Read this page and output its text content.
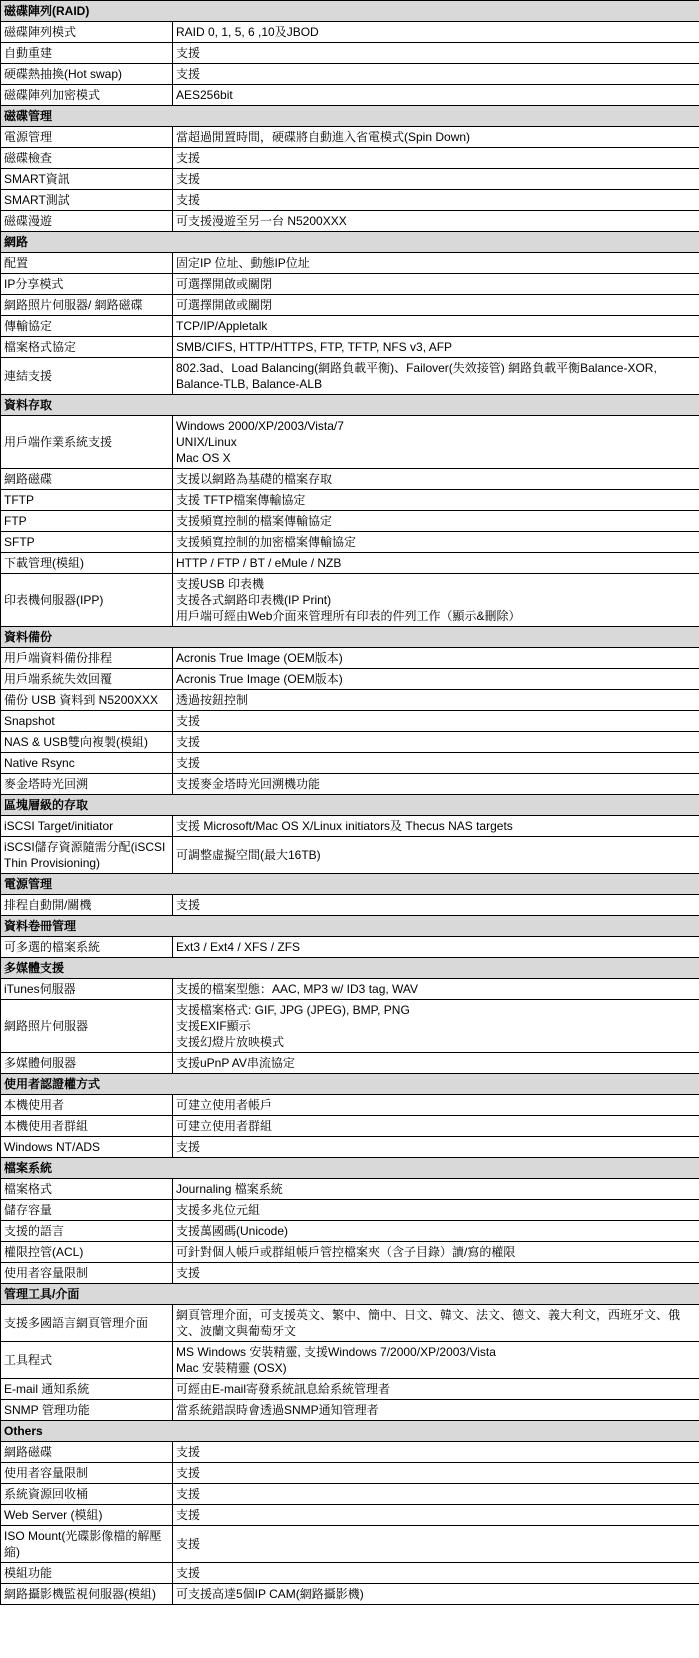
磁碟陣列(RAID)	
磁碟陣列模式	RAID 0, 1, 5, 6 ,10及JBOD

自動重建	支援

硬碟熱抽換(Hot swap)	支援

磁碟陣列加密模式	AES256bit

磁碟管理	
電源管理	當超過閒置時間，硬碟將自動進入省電模式(Spin Down)

磁碟檢查	支援

SMART資訊	支援

SMART測試	支援

磁碟漫遊	可支援漫遊至另一台 N5200XXX

網路	
配置	固定IP 位址、動態IP位址

IP分享模式	可選擇開啟或關閉

網路照片伺服器/ 網路磁碟	可選擇開啟或關閉

傳輸協定	TCP/IP/Appletalk

檔案格式協定	SMB/CIFS, HTTP/HTTPS, FTP, TFTP, NFS v3, AFP

連結支援	802.3ad、Load Balancing(網路負載平衡)、Failover(失效接管) 網路負載平衡Balance-XOR, Balance-TLB, Balance-ALB

資料存取	
用戶端作業系統支援	Windows 2000/XP/2003/Vista/7
UNIX/Linux
Mac OS X

網路磁碟	支援以網路為基礎的檔案存取

TFTP	支援 TFTP檔案傳輸協定

FTP	支援頻寬控制的檔案傳輸協定

SFTP	支援頻寬控制的加密檔案傳輸協定

下載管理(模組)	HTTP / FTP / BT / eMule / NZB

印表機伺服器(IPP)	支援USB 印表機
支援各式網路印表機(IP Print)
用戶端可經由Web介面來管理所有印表的件列工作（顯示&刪除）

資料備份	
用戶端資料備份排程	Acronis True Image (OEM版本)

用戶端系統失效回覆	Acronis True Image (OEM版本)

備份 USB 資料到 N5200XXX	透過按鈕控制

Snapshot	支援

NAS & USB雙向複製(模組)	支援

Native Rsync	支援

麥金塔時光回溯	支援麥金塔時光回溯機功能

區塊層級的存取	
iSCSI Target/initiator	支援 Microsoft/Mac OS X/Linux initiators及 Thecus NAS targets

iSCSI儲存資源隨需分配(iSCSI Thin Provisioning)	可調整虛擬空間(最大16TB)

電源管理	
排程自動開/關機	支援

資料卷冊管理	
可多選的檔案系統	Ext3 / Ext4 / XFS / ZFS

多媒體支援	
iTunes伺服器	支援的檔案型態：AAC, MP3 w/ ID3 tag, WAV

網路照片伺服器	支援檔案格式: GIF, JPG (JPEG), BMP, PNG
支援EXIF顯示
支援幻燈片放映模式

多媒體伺服器	支援uPnP AV串流協定

使用者認證權方式	
本機使用者	可建立使用者帳戶

本機使用者群組	可建立使用者群組

Windows NT/ADS	支援

檔案系統	
檔案格式	Journaling 檔案系統

儲存容量	支援多兆位元組

支援的語言	支援萬國碼(Unicode)

權限控管(ACL)	可針對個人帳戶或群組帳戶管控檔案夾（含子目錄）讀/寫的權限

使用者容量限制	支援

管理工具/介面	
支援多國語言網頁管理介面	網頁管理介面，可支援英文、繁中、簡中、日文、韓文、法文、德文、義大利文，西班牙文、俄文、波蘭文與葡萄牙文

工具程式	MS Windows 安裝精靈, 支援Windows 7/2000/XP/2003/Vista
Mac 安裝精靈 (OSX)

E-mail 通知系統	可經由E-mail寄發系統訊息給系統管理者

SNMP 管理功能	當系統錯誤時會透過SNMP通知管理者

Others	
網路磁碟	支援

使用者容量限制	支援

系統資源回收桶	支援

Web Server (模組)	支援

ISO Mount(光碟影像檔的解壓縮)	支援

模組功能	支援

網路攝影機監視伺服器(模組)	可支援高達5個IP CAM(網路攝影機)
